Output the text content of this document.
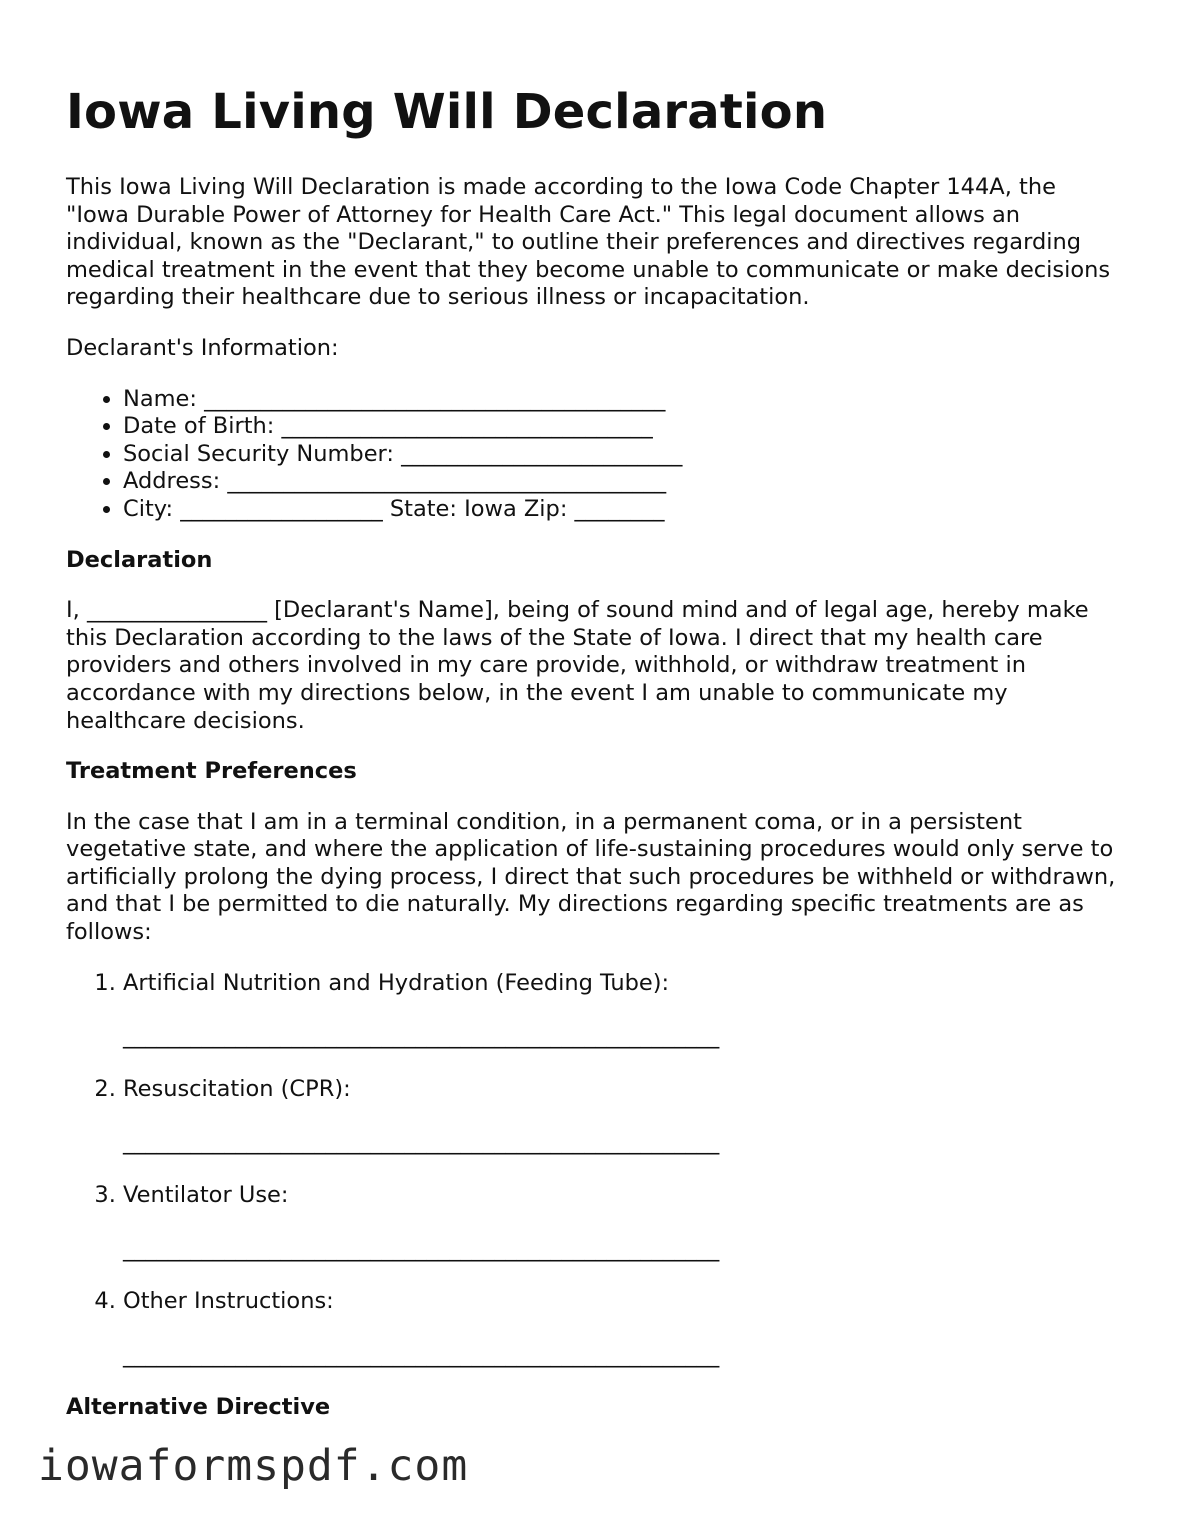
Iowa Living Will Declaration

This Iowa Living Will Declaration is made according to the Iowa Code Chapter 144A, the "Iowa Durable Power of Attorney for Health Care Act." This legal document allows an individual, known as the "Declarant," to outline their preferences and directives regarding medical treatment in the event that they become unable to communicate or make decisions regarding their healthcare due to serious illness or incapacitation.

Declarant's Information:

• Name: _________________________________________
• Date of Birth: _________________________________
• Social Security Number: _________________________
• Address: _______________________________________
• City: __________________ State: Iowa Zip: ________
Declaration

I, ________________ [Declarant's Name], being of sound mind and of legal age, hereby make this Declaration according to the laws of the State of Iowa. I direct that my health care providers and others involved in my care provide, withhold, or withdraw treatment in accordance with my directions below, in the event I am unable to communicate my healthcare decisions.

Treatment Preferences

In the case that I am in a terminal condition, in a permanent coma, or in a persistent vegetative state, and where the application of life-sustaining procedures would only serve to artificially prolong the dying process, I direct that such procedures be withheld or withdrawn, and that I be permitted to die naturally. My directions regarding specific treatments are as follows:

1. Artificial Nutrition and Hydration (Feeding Tube):
_____________________________________________________
2. Resuscitation (CPR):
_____________________________________________________
3. Ventilator Use:
_____________________________________________________
4. Other Instructions:
_____________________________________________________
Alternative Directive
iowaformspdf.com
